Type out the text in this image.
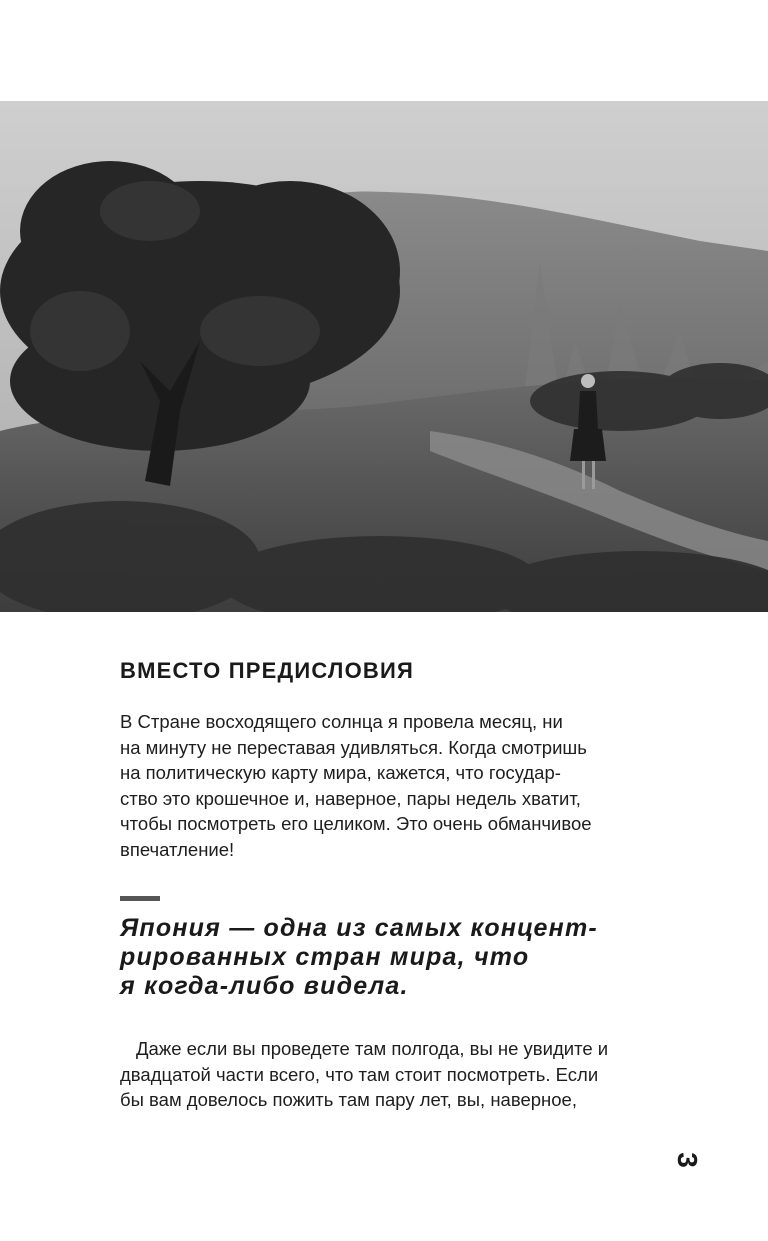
ВМЕСТО ПРЕДИСЛОВИЯ

В Стране восходящего солнца я провела месяц, ни
на минуту не переставая удивляться. Когда смотришь
на политическую карту мира, кажется, что государ-
ство это крошечное и, наверное, пары недель хватит,
чтобы посмотреть его целиком. Это очень обманчивое
впечатление!

Япония — одна из самых концент-
рированных стран мира, что
я когда-либо видела.

Даже если вы проведете там полгода, вы не увидите и
двадцатой части всего, что там стоит посмотреть. Если
бы вам довелось пожить там пару лет, вы, наверное,

3
